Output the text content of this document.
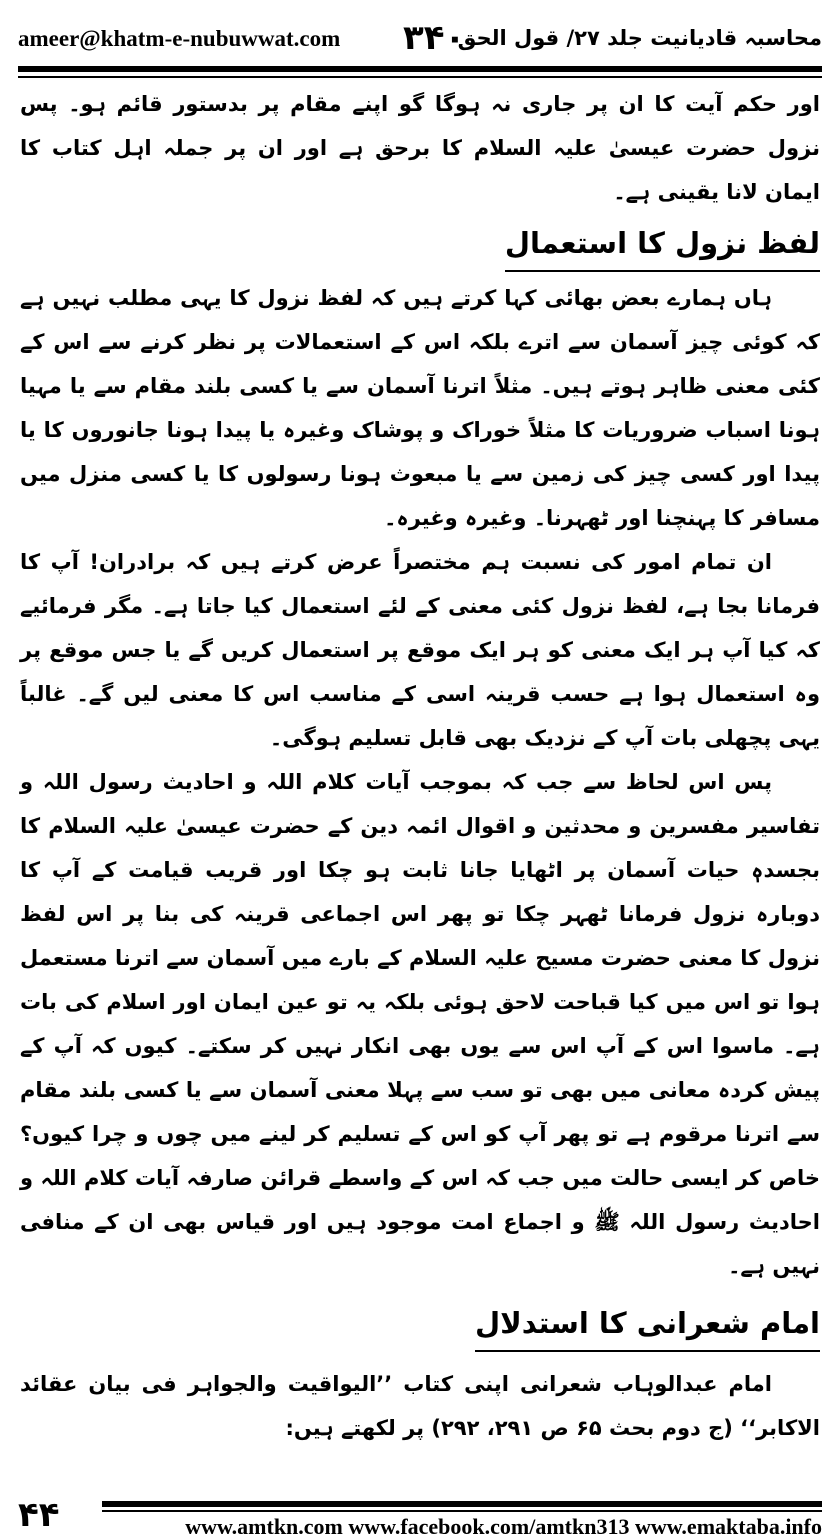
ameer@khatm-e-nubuwwat.com ۳۴۰
محاسبہ قادیانیت جلد ۲۷/ قول الحق

اور حکم آیت کا ان پر جاری نہ ہوگا گو اپنے مقام پر بدستور قائم ہو۔ پس نزول حضرت عیسیٰ علیہ السلام کا برحق ہے اور ان پر جملہ اہل کتاب کا ایمان لانا یقینی ہے۔

لفظ نزول کا استعمال

ہاں ہمارے بعض بھائی کہا کرتے ہیں کہ لفظ نزول کا یہی مطلب نہیں ہے کہ کوئی چیز آسمان سے اترے بلکہ اس کے استعمالات پر نظر کرنے سے اس کے کئی معنی ظاہر ہوتے ہیں۔ مثلاً اترنا آسمان سے یا کسی بلند مقام سے یا مہیا ہونا اسباب ضروریات کا مثلاً خوراک و پوشاک وغیرہ یا پیدا ہونا جانوروں کا یا پیدا اور کسی چیز کی زمین سے یا مبعوث ہونا رسولوں کا یا کسی منزل میں مسافر کا پہنچنا اور ٹھہرنا۔ وغیرہ وغیرہ۔

ان تمام امور کی نسبت ہم مختصراً عرض کرتے ہیں کہ برادران! آپ کا فرمانا بجا ہے، لفظ نزول کئی معنی کے لئے استعمال کیا جاتا ہے۔ مگر فرمائیے کہ کیا آپ ہر ایک معنی کو ہر ایک موقع پر استعمال کریں گے یا جس موقع پر وہ استعمال ہوا ہے حسب قرینہ اسی کے مناسب اس کا معنی لیں گے۔ غالباً یہی پچھلی بات آپ کے نزدیک بھی قابل تسلیم ہوگی۔

پس اس لحاظ سے جب کہ بموجب آیات کلام اللہ و احادیث رسول اللہ و تفاسیر مفسرین و محدثین و اقوال ائمہ دین کے حضرت عیسیٰ علیہ السلام کا بجسدہٖ حیات آسمان پر اٹھایا جانا ثابت ہو چکا اور قریب قیامت کے آپ کا دوبارہ نزول فرمانا ٹھہر چکا تو پھر اس اجماعی قرینہ کی بنا پر اس لفظ نزول کا معنی حضرت مسیح علیہ السلام کے بارے میں آسمان سے اترنا مستعمل ہوا تو اس میں کیا قباحت لاحق ہوئی بلکہ یہ تو عین ایمان اور اسلام کی بات ہے۔ ماسوا اس کے آپ اس سے یوں بھی انکار نہیں کر سکتے۔ کیوں کہ آپ کے پیش کردہ معانی میں بھی تو سب سے پہلا معنی آسمان سے یا کسی بلند مقام سے اترنا مرقوم ہے تو پھر آپ کو اس کے تسلیم کر لینے میں چوں و چرا کیوں؟ خاص کر ایسی حالت میں جب کہ اس کے واسطے قرائن صارفہ آیات کلام اللہ و احادیث رسول اللہ ﷺ و اجماع امت موجود ہیں اور قیاس بھی ان کے منافی نہیں ہے۔

امام شعرانی کا استدلال

امام عبدالوہاب شعرانی اپنی کتاب ’’الیواقیت والجواہر فی بیان عقائد الاکابر‘‘ (ج دوم بحث ۶۵ ص ۲۹۱، ۲۹۲) پر لکھتے ہیں:

۴۴	www.amtkn.com www.facebook.com/amtkn313 www.emaktaba.info
